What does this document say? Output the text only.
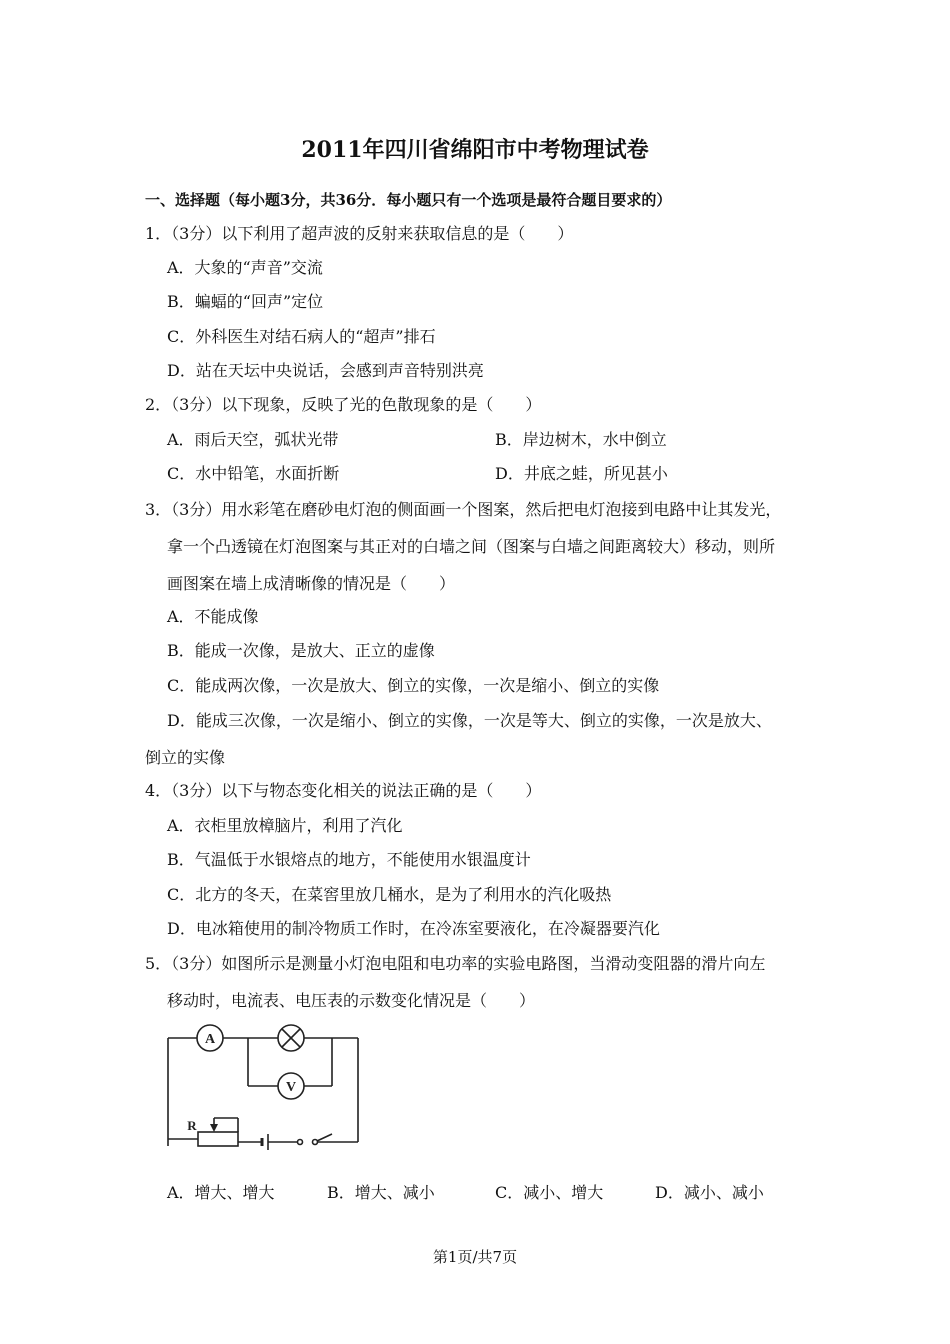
2011年四川省绵阳市中考物理试卷
一、选择题（每小题3分，共36分．每小题只有一个选项是最符合题目要求的）
1．（3分）以下利用了超声波的反射来获取信息的是（　　）
A．大象的“声音”交流
B．蝙蝠的“回声”定位
C．外科医生对结石病人的“超声”排石
D．站在天坛中央说话，会感到声音特别洪亮
2．（3分）以下现象，反映了光的色散现象的是（　　）
A．雨后天空，弧状光带	B．岸边树木，水中倒立
C．水中铅笔，水面折断	D．井底之蛙，所见甚小
3．（3分）用水彩笔在磨砂电灯泡的侧面画一个图案，然后把电灯泡接到电路中让其发光，
拿一个凸透镜在灯泡图案与其正对的白墙之间（图案与白墙之间距离较大）移动，则所
画图案在墙上成清晰像的情况是（　　）
A．不能成像
B．能成一次像，是放大、正立的虚像
C．能成两次像，一次是放大、倒立的实像，一次是缩小、倒立的实像
D．能成三次像，一次是缩小、倒立的实像，一次是等大、倒立的实像，一次是放大、
倒立的实像
4．（3分）以下与物态变化相关的说法正确的是（　　）
A．衣柜里放樟脑片，利用了汽化
B．气温低于水银熔点的地方，不能使用水银温度计
C．北方的冬天，在菜窖里放几桶水，是为了利用水的汽化吸热
D．电冰箱使用的制冷物质工作时，在冷冻室要液化，在冷凝器要汽化
5．（3分）如图所示是测量小灯泡电阻和电功率的实验电路图，当滑动变阻器的滑片向左
移动时，电流表、电压表的示数变化情况是（　　）
A
V
R
A．增大、增大	B．增大、减小	C．减小、增大	D．减小、减小
第1页/共7页
